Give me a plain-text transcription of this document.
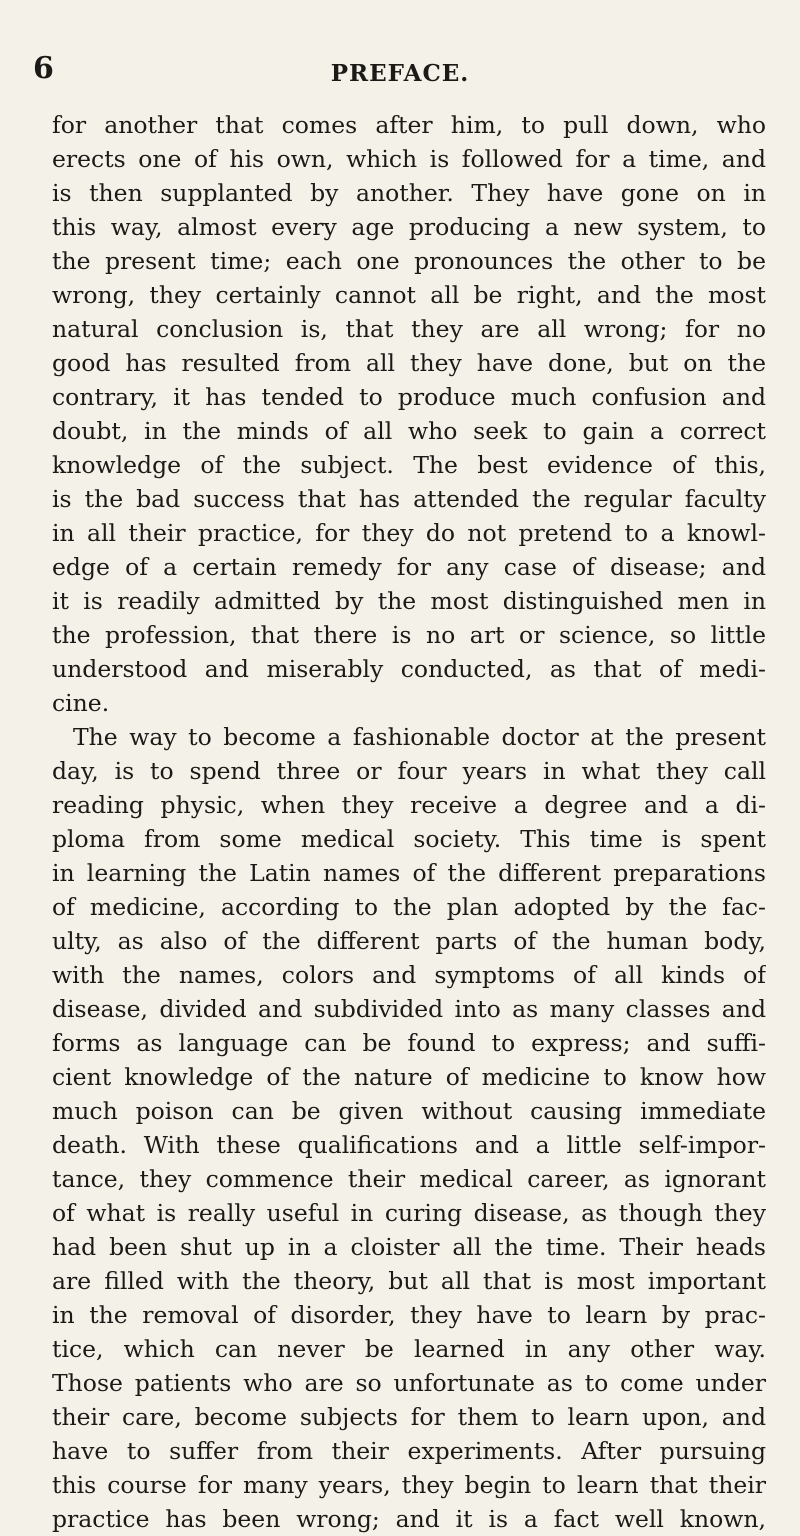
6	PREFACE.
for another that comes after him, to pull down, who
erects one of his own, which is followed for a time, and
is then supplanted by another. They have gone on in
this way, almost every age producing a new system, to
the present time; each one pronounces the other to be
wrong, they certainly cannot all be right, and the most
natural conclusion is, that they are all wrong; for no
good has resulted from all they have done, but on the
contrary, it has tended to produce much confusion and
doubt, in the minds of all who seek to gain a correct
knowledge of the subject. The best evidence of this,
is the bad success that has attended the regular faculty
in all their practice, for they do not pretend to a knowl-
edge of a certain remedy for any case of disease; and
it is readily admitted by the most distinguished men in
the profession, that there is no art or science, so little
understood and miserably conducted, as that of medi-
cine.
The way to become a fashionable doctor at the present
day, is to spend three or four years in what they call
reading physic, when they receive a degree and a di-
ploma from some medical society. This time is spent
in learning the Latin names of the different preparations
of medicine, according to the plan adopted by the fac-
ulty, as also of the different parts of the human body,
with the names, colors and symptoms of all kinds of
disease, divided and subdivided into as many classes and
forms as language can be found to express; and suffi-
cient knowledge of the nature of medicine to know how
much poison can be given without causing immediate
death. With these qualifications and a little self-impor-
tance, they commence their medical career, as ignorant
of what is really useful in curing disease, as though they
had been shut up in a cloister all the time. Their heads
are filled with the theory, but all that is most important
in the removal of disorder, they have to learn by prac-
tice, which can never be learned in any other way.
Those patients who are so unfortunate as to come under
their care, become subjects for them to learn upon, and
have to suffer from their experiments. After pursuing
this course for many years, they begin to learn that their
practice has been wrong; and it is a fact well known,
